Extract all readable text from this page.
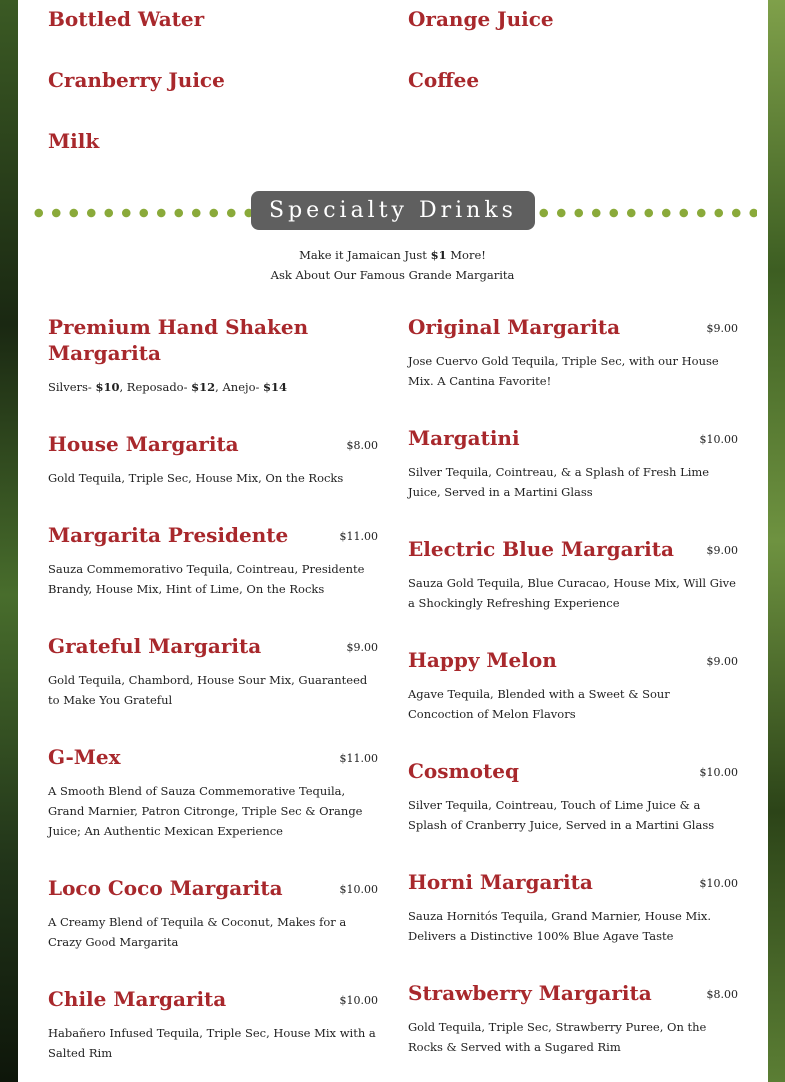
Bottled Water	Orange Juice
Cranberry Juice	Coffee
Milk
Specialty Drinks
Make it Jamaican Just $1 More!
Ask About Our Famous Grande Margarita
Premium Hand Shaken Margarita
Silvers- $10, Reposado- $12, Anejo- $14
House Margarita	$8.00
Gold Tequila, Triple Sec, House Mix, On the Rocks
Margarita Presidente	$11.00
Sauza Commemorativo Tequila, Cointreau, Presidente Brandy, House Mix, Hint of Lime, On the Rocks
Grateful Margarita	$9.00
Gold Tequila, Chambord, House Sour Mix, Guaranteed to Make You Grateful
G-Mex	$11.00
A Smooth Blend of Sauza Commemorative Tequila, Grand Marnier, Patron Citronge, Triple Sec & Orange Juice; An Authentic Mexican Experience
Loco Coco Margarita	$10.00
A Creamy Blend of Tequila & Coconut, Makes for a Crazy Good Margarita
Chile Margarita	$10.00
Habañero Infused Tequila, Triple Sec, House Mix with a Salted Rim
Original Margarita	$9.00
Jose Cuervo Gold Tequila, Triple Sec, with our House Mix. A Cantina Favorite!
Margatini	$10.00
Silver Tequila, Cointreau, & a Splash of Fresh Lime Juice, Served in a Martini Glass
Electric Blue Margarita	$9.00
Sauza Gold Tequila, Blue Curacao, House Mix, Will Give a Shockingly Refreshing Experience
Happy Melon	$9.00
Agave Tequila, Blended with a Sweet & Sour Concoction of Melon Flavors
Cosmoteq	$10.00
Silver Tequila, Cointreau, Touch of Lime Juice & a Splash of Cranberry Juice, Served in a Martini Glass
Horni Margarita	$10.00
Sauza Hornitós Tequila, Grand Marnier, House Mix. Delivers a Distinctive 100% Blue Agave Taste
Strawberry Margarita	$8.00
Gold Tequila, Triple Sec, Strawberry Puree, On the Rocks & Served with a Sugared Rim
